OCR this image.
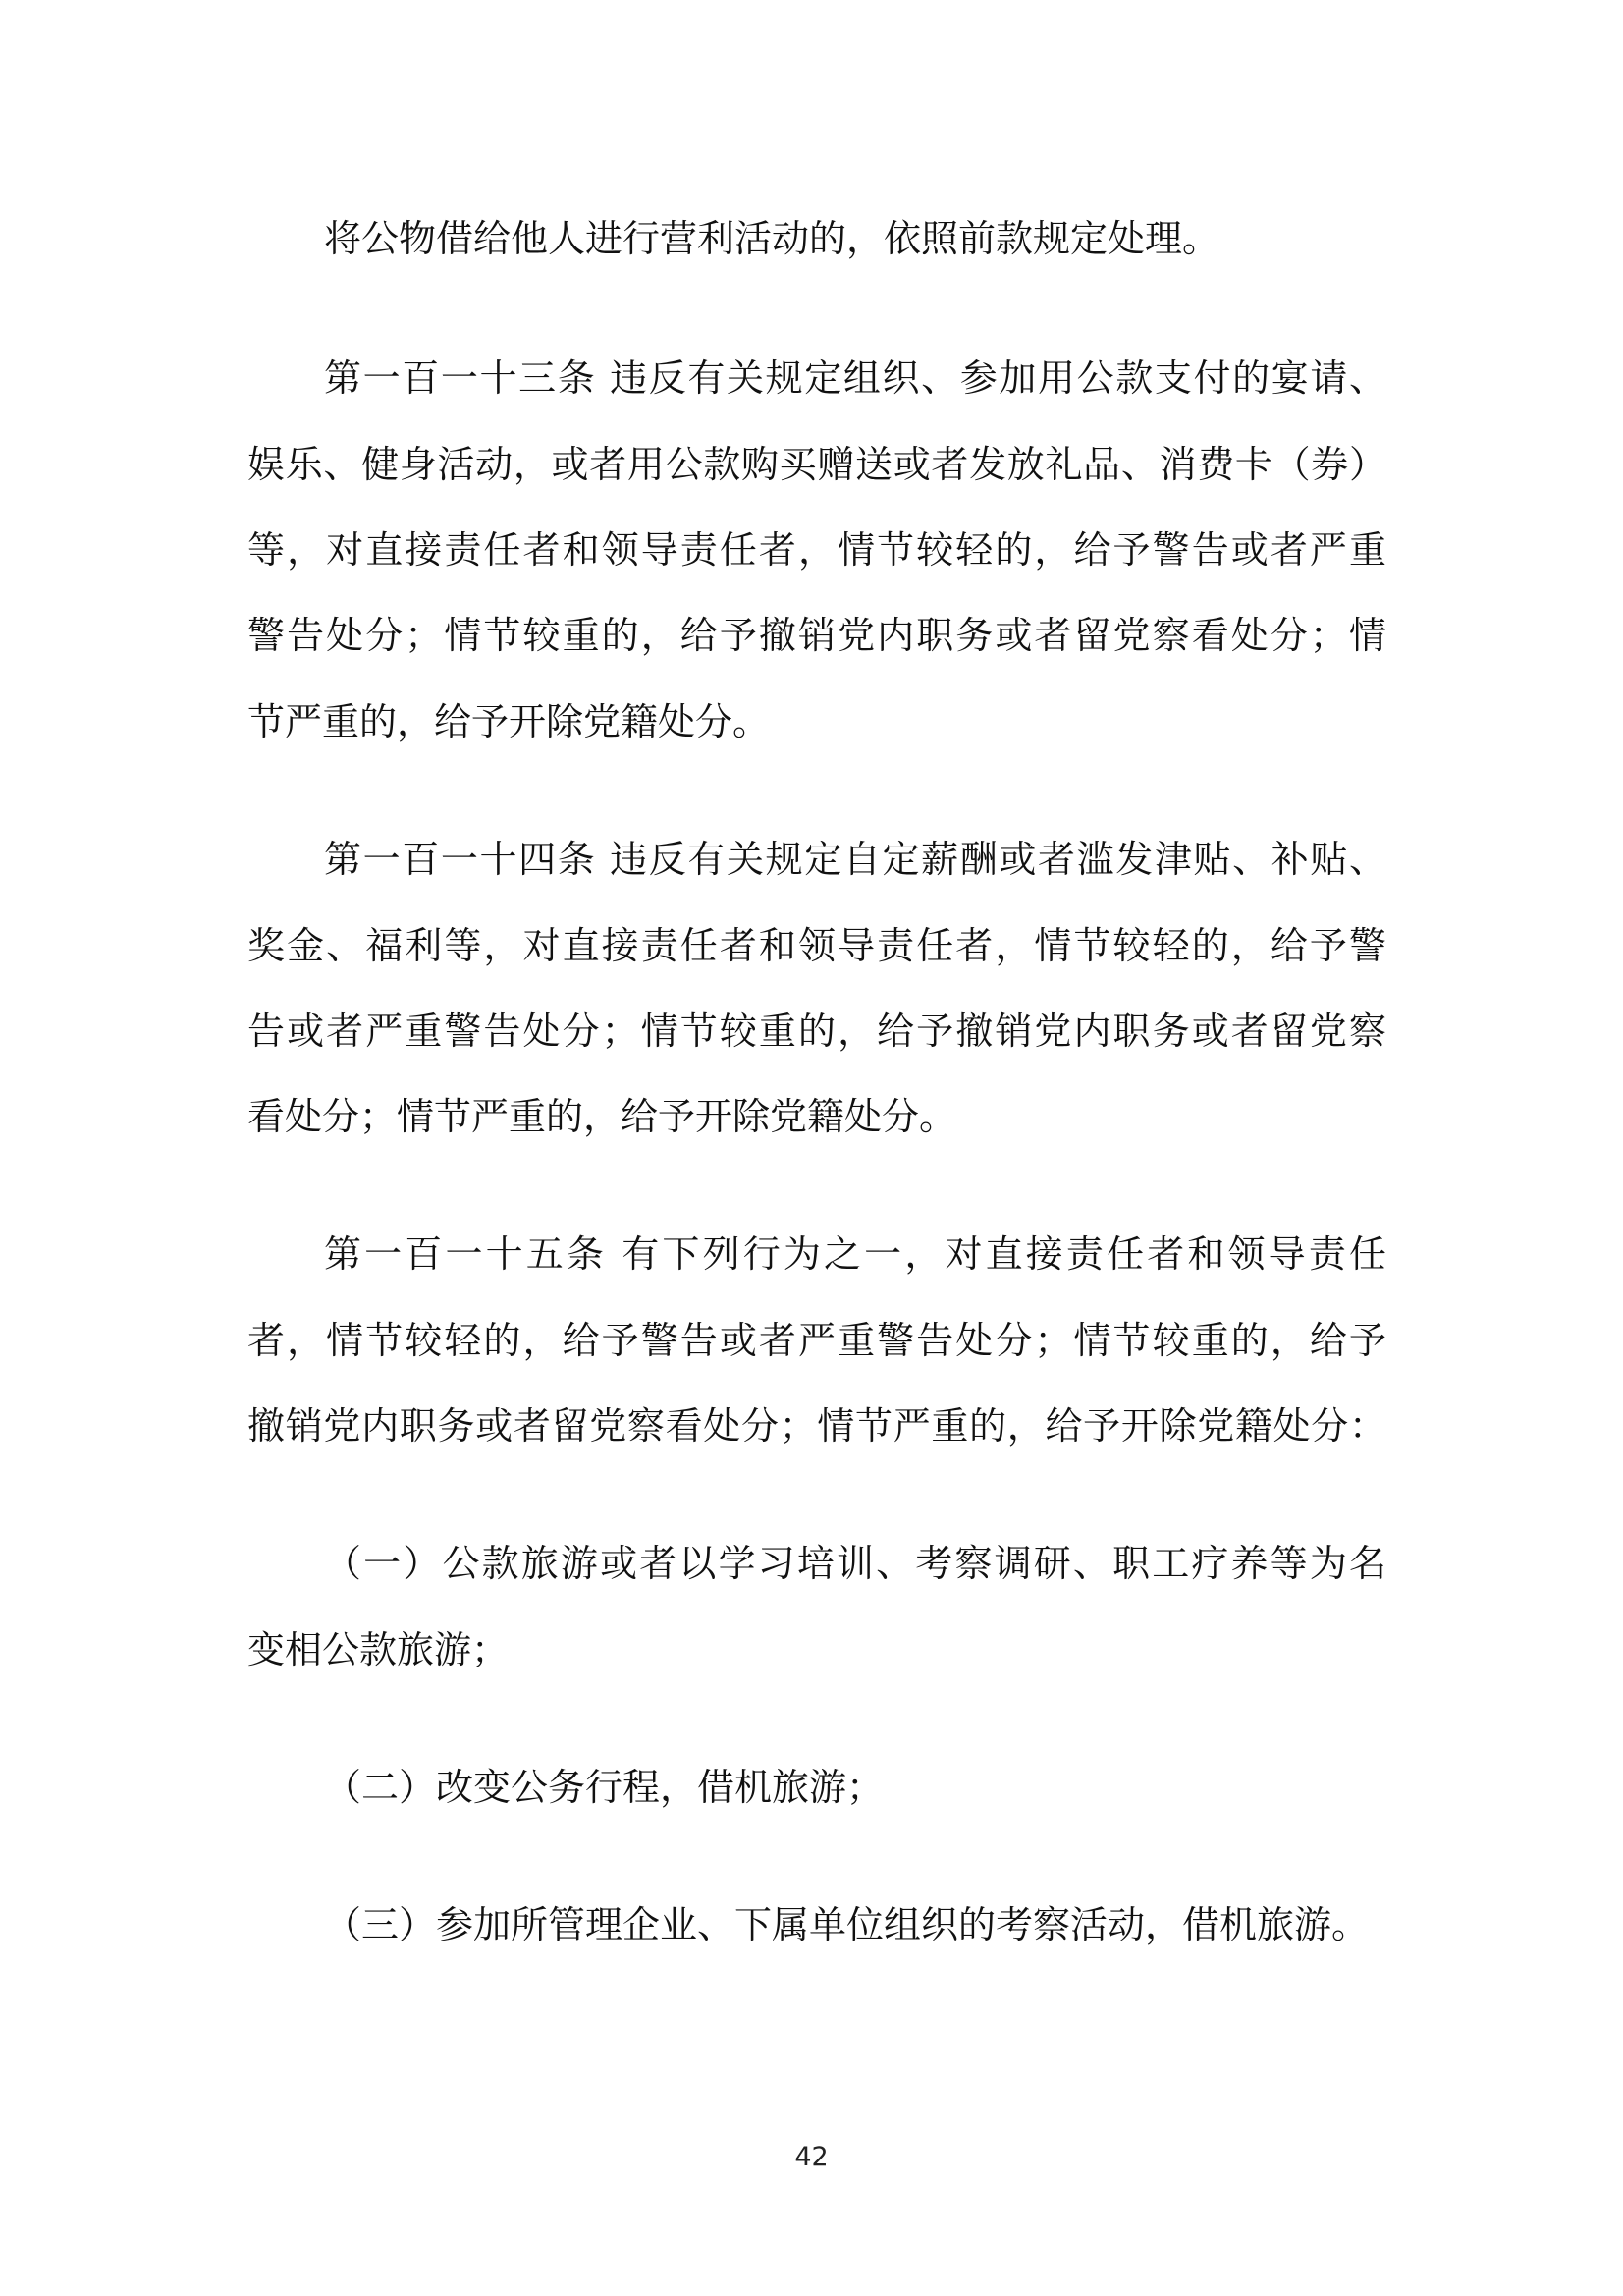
将公物借给他人进行营利活动的，依照前款规定处理。
第一百一十三条 违反有关规定组织、参加用公款支付的宴请、
娱乐、健身活动，或者用公款购买赠送或者发放礼品、消费卡（券）
等，对直接责任者和领导责任者，情节较轻的，给予警告或者严重
警告处分；情节较重的，给予撤销党内职务或者留党察看处分；情
节严重的，给予开除党籍处分。
第一百一十四条 违反有关规定自定薪酬或者滥发津贴、补贴、
奖金、福利等，对直接责任者和领导责任者，情节较轻的，给予警
告或者严重警告处分；情节较重的，给予撤销党内职务或者留党察
看处分；情节严重的，给予开除党籍处分。
第一百一十五条 有下列行为之一，对直接责任者和领导责任
者，情节较轻的，给予警告或者严重警告处分；情节较重的，给予
撤销党内职务或者留党察看处分；情节严重的，给予开除党籍处分：
（一）公款旅游或者以学习培训、考察调研、职工疗养等为名
变相公款旅游；
（二）改变公务行程，借机旅游；
（三）参加所管理企业、下属单位组织的考察活动，借机旅游。
42
